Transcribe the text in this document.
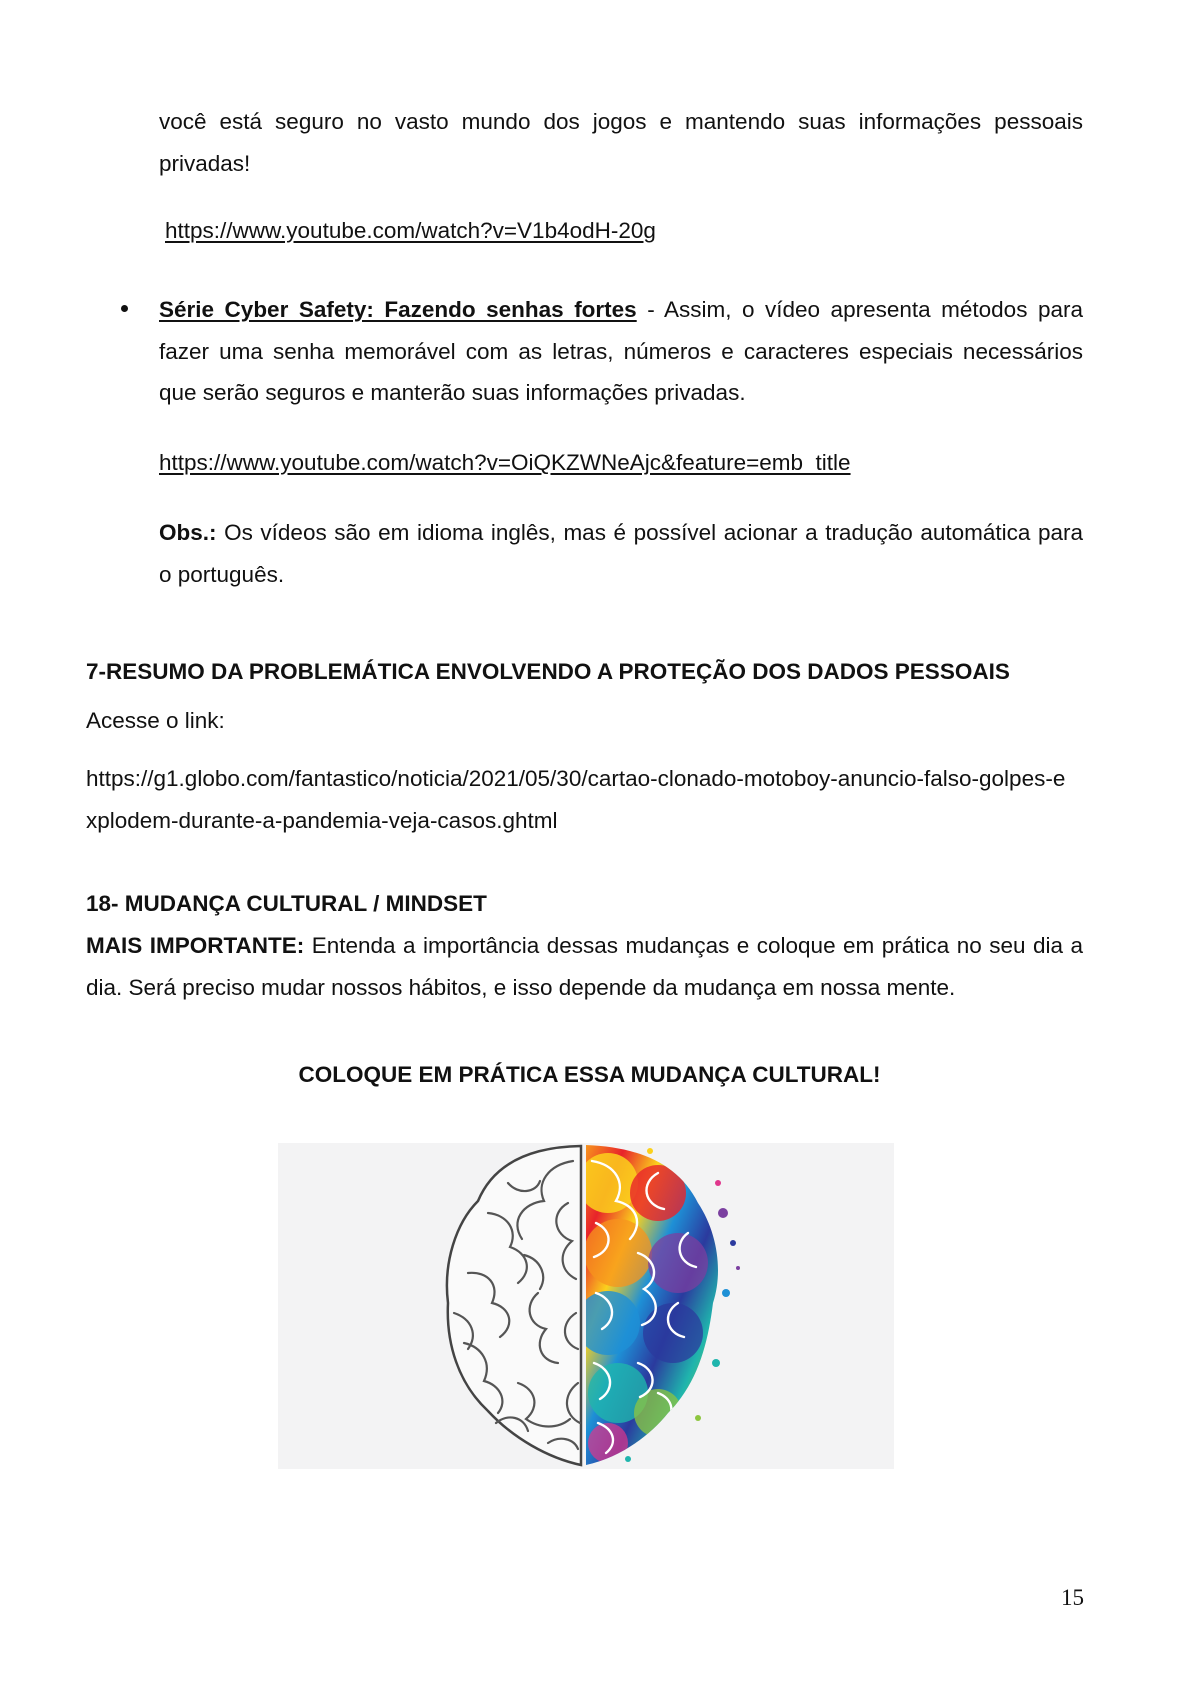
você está seguro no vasto mundo dos jogos e mantendo suas informações pessoais privadas!

https://www.youtube.com/watch?v=V1b4odH-20g

Série Cyber Safety: Fazendo senhas fortes - Assim, o vídeo apresenta métodos para fazer uma senha memorável com as letras, números e caracteres especiais necessários que serão seguros e manterão suas informações privadas.

https://www.youtube.com/watch?v=OiQKZWNeAjc&feature=emb_title

Obs.: Os vídeos são em idioma inglês, mas é possível acionar a tradução automática para o português.

7-RESUMO DA PROBLEMÁTICA ENVOLVENDO A PROTEÇÃO DOS DADOS PESSOAIS

Acesse o link:

https://g1.globo.com/fantastico/noticia/2021/05/30/cartao-clonado-motoboy-anuncio-falso-golpes-explodem-durante-a-pandemia-veja-casos.ghtml

18- MUDANÇA CULTURAL / MINDSET

MAIS IMPORTANTE: Entenda a importância dessas mudanças e coloque em prática no seu dia a dia. Será preciso mudar nossos hábitos, e isso depende da mudança em nossa mente.

COLOQUE EM PRÁTICA ESSA MUDANÇA CULTURAL!

15
